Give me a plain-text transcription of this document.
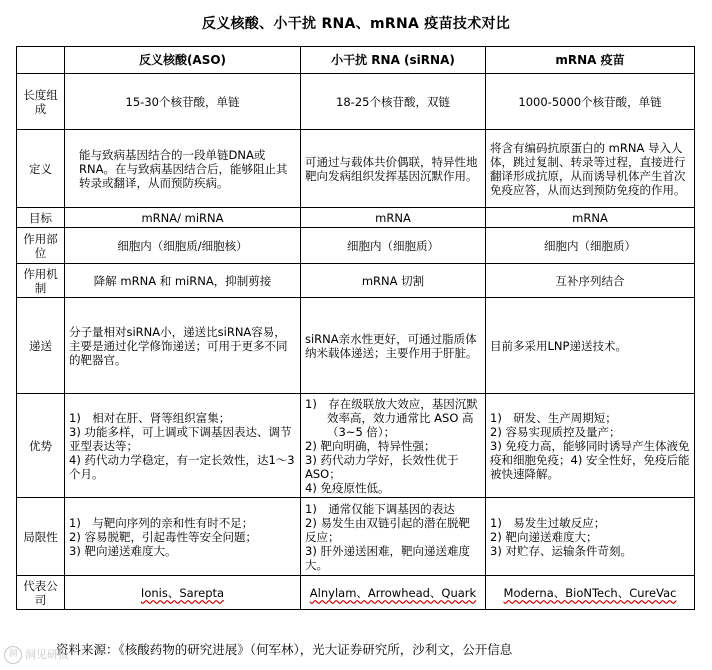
反义核酸、小干扰 RNA、mRNA 疫苗技术对比
	反义核酸(ASO)	小干扰 RNA (siRNA)	mRNA 疫苗
长度组成	15-30个核苷酸，单链	18-25个核苷酸，双链	1000-5000个核苷酸，单链
定义	能与致病基因结合的一段单链DNA或RNA。在与致病基因结合后，能够阻止其转录或翻译，从而预防疾病。	可通过与载体共价偶联，特异性地靶向发病组织发挥基因沉默作用。	将含有编码抗原蛋白的 mRNA 导入人体，跳过复制、转录等过程，直接进行翻译形成抗原，从而诱导机体产生首次免疫应答，从而达到预防免疫的作用。
目标	mRNA/ miRNA	mRNA	mRNA
作用部位	细胞内（细胞质/细胞核）	细胞内（细胞质）	细胞内（细胞质）
作用机制	降解 mRNA 和 miRNA，抑制剪接	mRNA 切割	互补序列结合
递送	分子量相对siRNA小，递送比siRNA容易，主要是通过化学修饰递送；可用于更多不同的靶器官。	siRNA亲水性更好，可通过脂质体纳米载体递送；主要作用于肝脏。	目前多采用LNP递送技术。
优势	1)　相对在肝、肾等组织富集；
3) 功能多样，可上调或下调基因表达、调节亚型表达等；
4) 药代动力学稳定，有一定长效性，达1～3 个月。	1)　存在级联放大效应，基因沉默效率高，效力通常比 ASO 高（3~5 倍）；
2) 靶向明确，特异性强；
3) 药代动力学好，长效性优于ASO；
4) 免疫原性低。	1)　研发、生产周期短；
2) 容易实现质控及量产；
3) 免疫力高，能够同时诱导产生体液免疫和细胞免疫；4) 安全性好，免疫后能被快速降解。

局限性	1)　与靶向序列的亲和性有时不足；
2) 容易脱靶，引起毒性等安全问题；
3) 靶向递送难度大。	1)　通常仅能下调基因的表达
2) 易发生由双链引起的潜在脱靶反应；
3) 肝外递送困难，靶向递送难度大。	1)　易发生过敏反应；
2) 靶向递送难度大；
3) 对贮存、运输条件苛刻。

代表公司	Ionis、Sarepta	Alnylam、Arrowhead、Quark	Moderna、BioNTech、CureVac
资料来源：《核酸药物的研究进展》（何军林），光大证券研究所，沙利文，公开信息
洞 洞见研报
